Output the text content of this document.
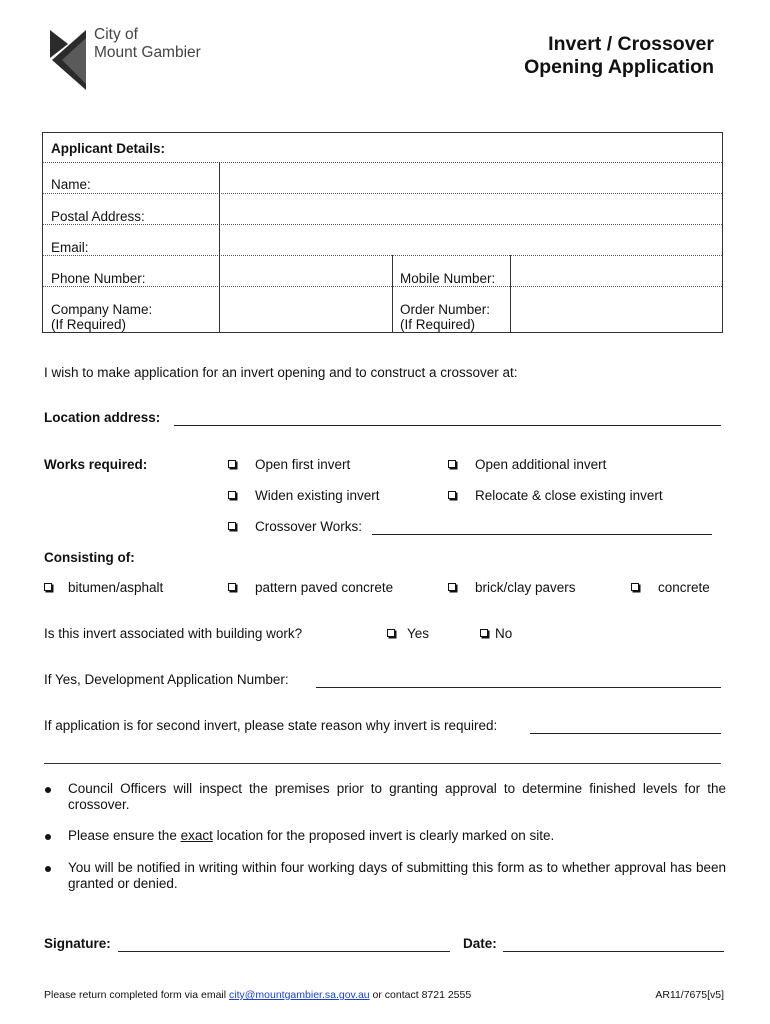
City of
Mount Gambier	Invert / Crossover
Opening Application
Applicant Details:
Name:
Postal Address:
Email:
Phone Number:	Mobile Number:
Company Name:
(If Required)
Order Number:
(If Required)
I wish to make application for an invert opening and to construct a crossover at:
Location address:
Works required:	Open first invert	Open additional invert
Widen existing invert	Relocate & close existing invert
Crossover Works:
Consisting of:
bitumen/asphalt	pattern paved concrete	brick/clay pavers	concrete
Is this invert associated with building work?	Yes	No
If Yes, Development Application Number:
If application is for second invert, please state reason why invert is required:
Council Officers will inspect the premises prior to granting approval to determine finished levels for the crossover.
Please ensure the exact location for the proposed invert is clearly marked on site.
You will be notified in writing within four working days of submitting this form as to whether approval has been granted or denied.
Signature:	Date:
Please return completed form via email city@mountgambier.sa.gov.au or contact 8721 2555	AR11/7675[v5]
